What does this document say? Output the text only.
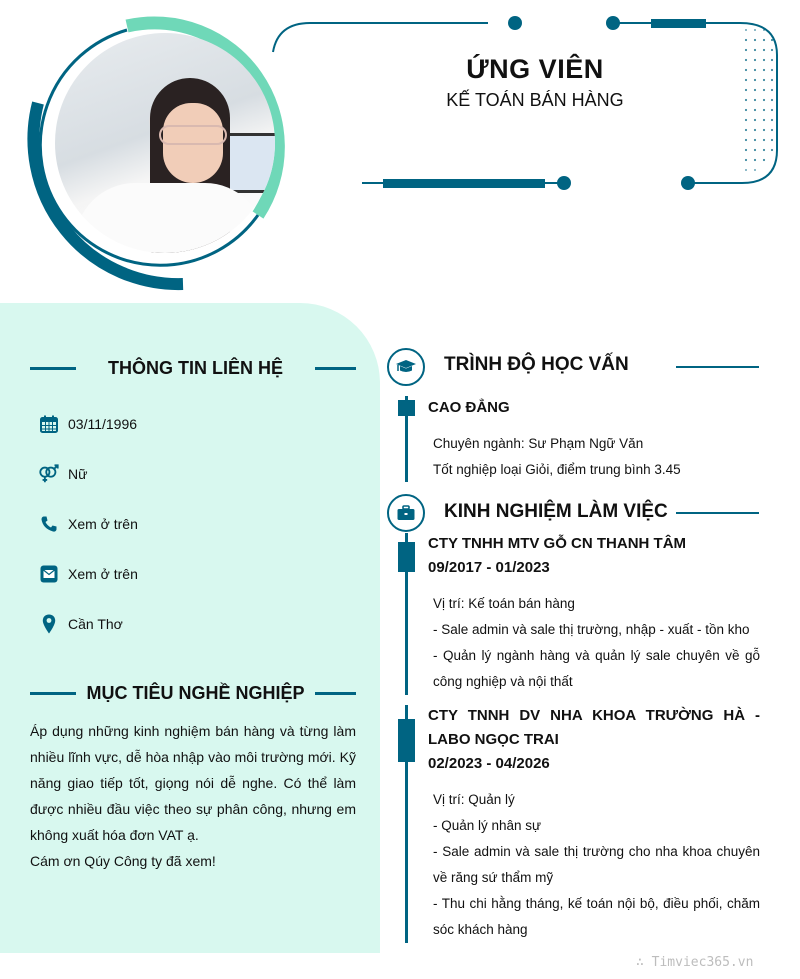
ỨNG VIÊN
KẾ TOÁN BÁN HÀNG
THÔNG TIN LIÊN HỆ
03/11/1996
Nữ
Xem ở trên
Xem ở trên
Cần Thơ
MỤC TIÊU NGHỀ NGHIỆP
Áp dụng những kinh nghiệm bán hàng và từng làm nhiều lĩnh vực, dễ hòa nhập vào môi trường mới. Kỹ năng giao tiếp tốt, giọng nói dễ nghe. Có thể làm được nhiều đầu việc theo sự phân công, nhưng em không xuất hóa đơn VAT ạ.
Cám ơn Qúy Công ty đã xem!
TRÌNH ĐỘ HỌC VẤN
CAO ĐẲNG
Chuyên ngành: Sư Phạm Ngữ Văn
Tốt nghiệp loại Giỏi, điểm trung bình 3.45
KINH NGHIỆM LÀM VIỆC
CTY TNHH MTV GỖ CN THANH TÂM
09/2017 - 01/2023
Vị trí: Kế toán bán hàng
- Sale admin và sale thị trường, nhập - xuất - tồn kho
- Quản lý ngành hàng và quản lý sale chuyên về gỗ công nghiệp và nội thất
CTY TNNH DV NHA KHOA TRƯỜNG HÀ - LABO NGỌC TRAI
02/2023 - 04/2026
Vị trí: Quản lý
- Quản lý nhân sự
- Sale admin và sale thị trường cho nha khoa chuyên về răng sứ thẩm mỹ
- Thu chi hằng tháng, kế toán nội bộ, điều phối, chăm sóc khách hàng
∴ Timviec365.vn
